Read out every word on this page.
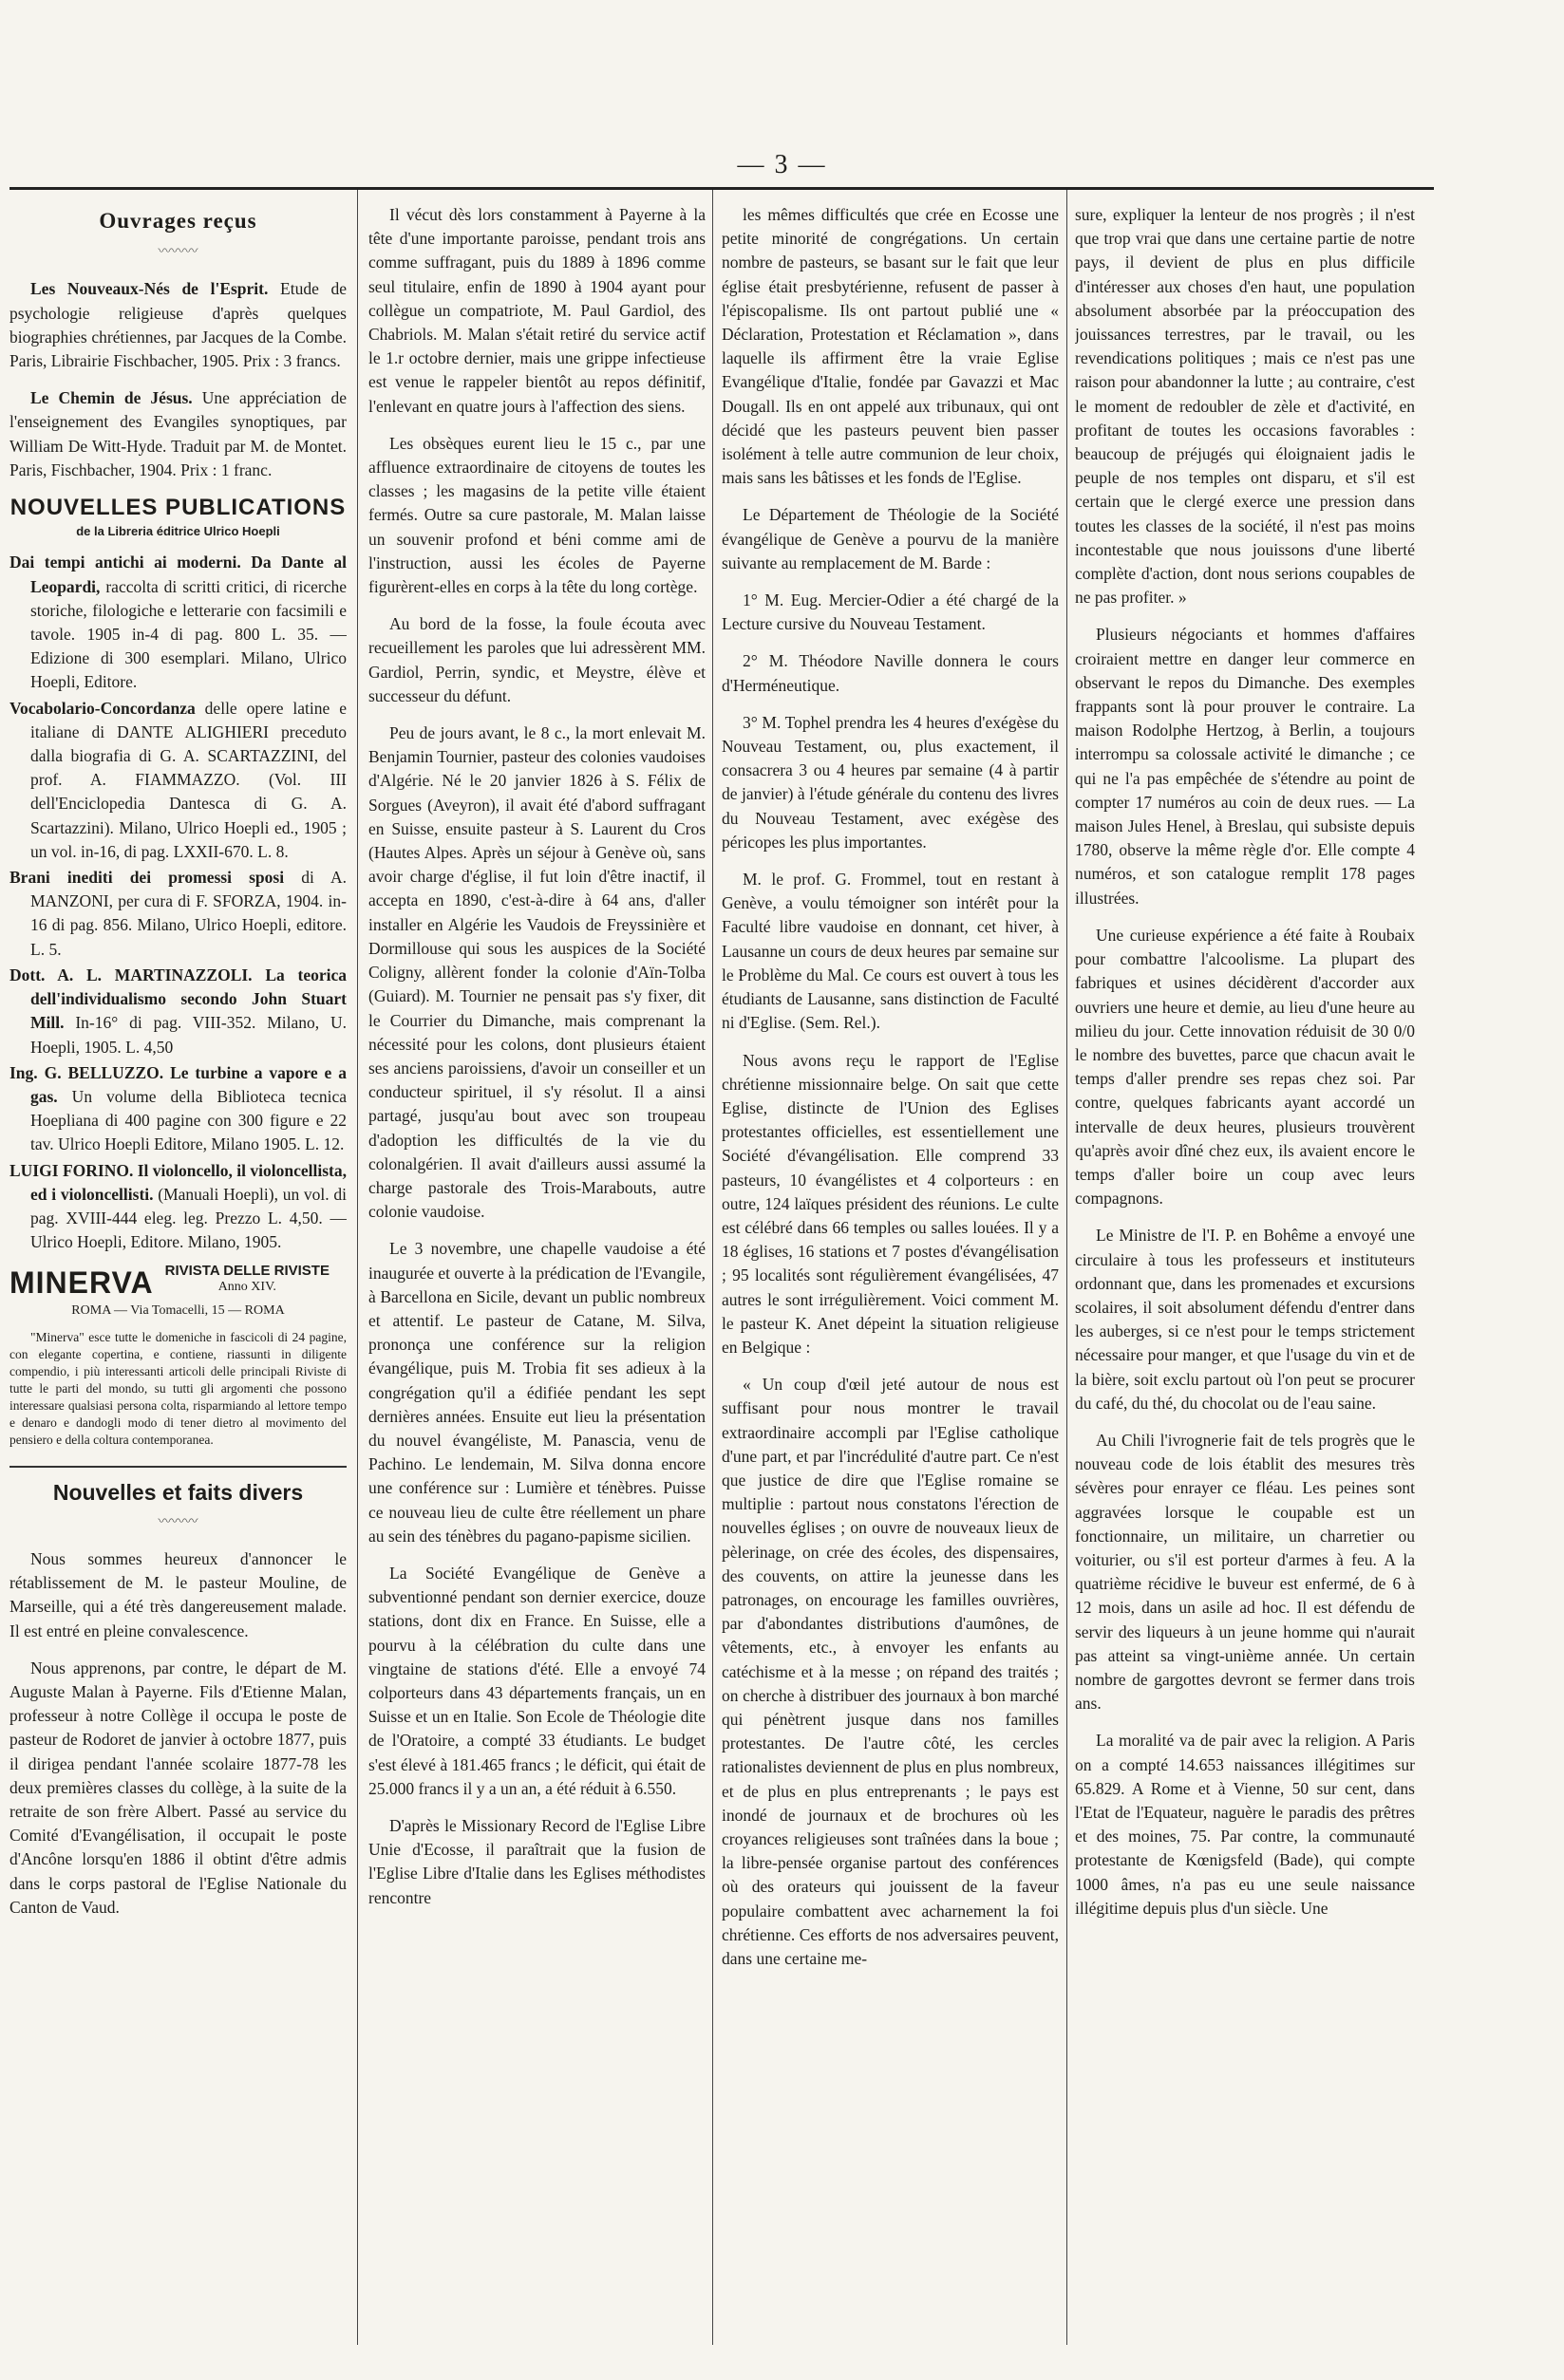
— 3 —
Ouvrages reçus
〰〰〰

Les Nouveaux-Nés de l'Esprit. Etude de psychologie religieuse d'après quelques biographies chrétiennes, par Jacques de la Combe. Paris, Librairie Fischbacher, 1905. Prix : 3 francs.

Le Chemin de Jésus. Une appréciation de l'enseignement des Evangiles synoptiques, par William De Witt-Hyde. Traduit par M. de Montet. Paris, Fischbacher, 1904. Prix : 1 franc.

NOUVELLES PUBLICATIONS
de la Libreria éditrice Ulrico Hoepli

Dai tempi antichi ai moderni. Da Dante al Leopardi, raccolta di scritti critici, di ricerche storiche, filologiche e letterarie con facsimili e tavole. 1905 in-4 di pag. 800 L. 35. — Edizione di 300 esemplari. Milano, Ulrico Hoepli, Editore.

Vocabolario-Concordanza delle opere latine e italiane di DANTE ALIGHIERI preceduto dalla biografia di G. A. SCARTAZZINI, del prof. A. FIAMMAZZO. (Vol. III dell'Enciclopedia Dantesca di G. A. Scartazzini). Milano, Ulrico Hoepli ed., 1905 ; un vol. in-16, di pag. LXXII-670. L. 8.

Brani inediti dei promessi sposi di A. MANZONI, per cura di F. SFORZA, 1904. in-16 di pag. 856. Milano, Ulrico Hoepli, editore. L. 5.

Dott. A. L. MARTINAZZOLI. La teorica dell'individualismo secondo John Stuart Mill. In-16° di pag. VIII-352. Milano, U. Hoepli, 1905. L. 4,50

Ing. G. BELLUZZO. Le turbine a vapore e a gas. Un volume della Biblioteca tecnica Hoepliana di 400 pagine con 300 figure e 22 tav. Ulrico Hoepli Editore, Milano 1905. L. 12.

LUIGI FORINO. Il violoncello, il violoncellista, ed i violoncellisti. (Manuali Hoepli), un vol. di pag. XVIII-444 eleg. leg. Prezzo L. 4,50. — Ulrico Hoepli, Editore. Milano, 1905.

MINERVA RIVISTA DELLE RIVISTE
Anno XIV.
ROMA — Via Tomacelli, 15 — ROMA
"Minerva" esce tutte le domeniche in fascicoli di 24 pagine, con elegante copertina, e contiene, riassunti in diligente compendio, i più interessanti articoli delle principali Riviste di tutte le parti del mondo, su tutti gli argomenti che possono interessare qualsiasi persona colta, risparmiando al lettore tempo e denaro e dandogli modo di tener dietro al movimento del pensiero e della coltura contemporanea.
Nouvelles et faits divers
〰〰〰

Nous sommes heureux d'annoncer le rétablissement de M. le pasteur Mouline, de Marseille, qui a été très dangereusement malade. Il est entré en pleine convalescence.

Nous apprenons, par contre, le départ de M. Auguste Malan à Payerne. Fils d'Etienne Malan, professeur à notre Collège il occupa le poste de pasteur de Rodoret de janvier à octobre 1877, puis il dirigea pendant l'année scolaire 1877-78 les deux premières classes du collège, à la suite de la retraite de son frère Albert. Passé au service du Comité d'Evangélisation, il occupait le poste d'Ancône lorsqu'en 1886 il obtint d'être admis dans le corps pastoral de l'Eglise Nationale du Canton de Vaud.

Il vécut dès lors constamment à Payerne à la tête d'une importante paroisse, pendant trois ans comme suffragant, puis du 1889 à 1896 comme seul titulaire, enfin de 1890 à 1904 ayant pour collègue un compatriote, M. Paul Gardiol, des Chabriols. M. Malan s'était retiré du service actif le 1.r octobre dernier, mais une grippe infectieuse est venue le rappeler bientôt au repos définitif, l'enlevant en quatre jours à l'affection des siens.

Les obsèques eurent lieu le 15 c., par une affluence extraordinaire de citoyens de toutes les classes ; les magasins de la petite ville étaient fermés. Outre sa cure pastorale, M. Malan laisse un souvenir profond et béni comme ami de l'instruction, aussi les écoles de Payerne figurèrent-elles en corps à la tête du long cortège.

Au bord de la fosse, la foule écouta avec recueillement les paroles que lui adressèrent MM. Gardiol, Perrin, syndic, et Meystre, élève et successeur du défunt.

Peu de jours avant, le 8 c., la mort enlevait M. Benjamin Tournier, pasteur des colonies vaudoises d'Algérie. Né le 20 janvier 1826 à S. Félix de Sorgues (Aveyron), il avait été d'abord suffragant en Suisse, ensuite pasteur à S. Laurent du Cros (Hautes Alpes. Après un séjour à Genève où, sans avoir charge d'église, il fut loin d'être inactif, il accepta en 1890, c'est-à-dire à 64 ans, d'aller installer en Algérie les Vaudois de Freyssinière et Dormillouse qui sous les auspices de la Société Coligny, allèrent fonder la colonie d'Aïn-Tolba (Guiard). M. Tournier ne pensait pas s'y fixer, dit le Courrier du Dimanche, mais comprenant la nécessité pour les colons, dont plusieurs étaient ses anciens paroissiens, d'avoir un conseiller et un conducteur spirituel, il s'y résolut. Il a ainsi partagé, jusqu'au bout avec son troupeau d'adoption les difficultés de la vie du colonalgérien. Il avait d'ailleurs aussi assumé la charge pastorale des Trois-Marabouts, autre colonie vaudoise.

Le 3 novembre, une chapelle vaudoise a été inaugurée et ouverte à la prédication de l'Evangile, à Barcellona en Sicile, devant un public nombreux et attentif. Le pasteur de Catane, M. Silva, prononça une conférence sur la religion évangélique, puis M. Trobia fit ses adieux à la congrégation qu'il a édifiée pendant les sept dernières années. Ensuite eut lieu la présentation du nouvel évangéliste, M. Panascia, venu de Pachino. Le lendemain, M. Silva donna encore une conférence sur : Lumière et ténèbres. Puisse ce nouveau lieu de culte être réellement un phare au sein des ténèbres du pagano-papisme sicilien.

La Société Evangélique de Genève a subventionné pendant son dernier exercice, douze stations, dont dix en France. En Suisse, elle a pourvu à la célébration du culte dans une vingtaine de stations d'été. Elle a envoyé 74 colporteurs dans 43 départements français, un en Suisse et un en Italie. Son Ecole de Théologie dite de l'Oratoire, a compté 33 étudiants. Le budget s'est élevé à 181.465 francs ; le déficit, qui était de 25.000 francs il y a un an, a été réduit à 6.550.

D'après le Missionary Record de l'Eglise Libre Unie d'Ecosse, il paraîtrait que la fusion de l'Eglise Libre d'Italie dans les Eglises méthodistes rencontre

les mêmes difficultés que crée en Ecosse une petite minorité de congrégations. Un certain nombre de pasteurs, se basant sur le fait que leur église était presbytérienne, refusent de passer à l'épiscopalisme. Ils ont partout publié une « Déclaration, Protestation et Réclamation », dans laquelle ils affirment être la vraie Eglise Evangélique d'Italie, fondée par Gavazzi et Mac Dougall. Ils en ont appelé aux tribunaux, qui ont décidé que les pasteurs peuvent bien passer isolément à telle autre communion de leur choix, mais sans les bâtisses et les fonds de l'Eglise.

Le Département de Théologie de la Société évangélique de Genève a pourvu de la manière suivante au remplacement de M. Barde :

1° M. Eug. Mercier-Odier a été chargé de la Lecture cursive du Nouveau Testament.

2° M. Théodore Naville donnera le cours d'Herméneutique.

3° M. Tophel prendra les 4 heures d'exégèse du Nouveau Testament, ou, plus exactement, il consacrera 3 ou 4 heures par semaine (4 à partir de janvier) à l'étude générale du contenu des livres du Nouveau Testament, avec exégèse des péricopes les plus importantes.

M. le prof. G. Frommel, tout en restant à Genève, a voulu témoigner son intérêt pour la Faculté libre vaudoise en donnant, cet hiver, à Lausanne un cours de deux heures par semaine sur le Problème du Mal. Ce cours est ouvert à tous les étudiants de Lausanne, sans distinction de Faculté ni d'Eglise. (Sem. Rel.).

Nous avons reçu le rapport de l'Eglise chrétienne missionnaire belge. On sait que cette Eglise, distincte de l'Union des Eglises protestantes officielles, est essentiellement une Société d'évangélisation. Elle comprend 33 pasteurs, 10 évangélistes et 4 colporteurs : en outre, 124 laïques président des réunions. Le culte est célébré dans 66 temples ou salles louées. Il y a 18 églises, 16 stations et 7 postes d'évangélisation ; 95 localités sont régulièrement évangélisées, 47 autres le sont irrégulièrement. Voici comment M. le pasteur K. Anet dépeint la situation religieuse en Belgique :

« Un coup d'œil jeté autour de nous est suffisant pour nous montrer le travail extraordinaire accompli par l'Eglise catholique d'une part, et par l'incrédulité d'autre part. Ce n'est que justice de dire que l'Eglise romaine se multiplie : partout nous constatons l'érection de nouvelles églises ; on ouvre de nouveaux lieux de pèlerinage, on crée des écoles, des dispensaires, des couvents, on attire la jeunesse dans les patronages, on encourage les familles ouvrières, par d'abondantes distributions d'aumônes, de vêtements, etc., à envoyer les enfants au catéchisme et à la messe ; on répand des traités ; on cherche à distribuer des journaux à bon marché qui pénètrent jusque dans nos familles protestantes. De l'autre côté, les cercles rationalistes deviennent de plus en plus nombreux, et de plus en plus entreprenants ; le pays est inondé de journaux et de brochures où les croyances religieuses sont traînées dans la boue ; la libre-pensée organise partout des conférences où des orateurs qui jouissent de la faveur populaire combattent avec acharnement la foi chrétienne. Ces efforts de nos adversaires peuvent, dans une certaine me-

sure, expliquer la lenteur de nos progrès ; il n'est que trop vrai que dans une certaine partie de notre pays, il devient de plus en plus difficile d'intéresser aux choses d'en haut, une population absolument absorbée par la préoccupation des jouissances terrestres, par le travail, ou les revendications politiques ; mais ce n'est pas une raison pour abandonner la lutte ; au contraire, c'est le moment de redoubler de zèle et d'activité, en profitant de toutes les occasions favorables : beaucoup de préjugés qui éloignaient jadis le peuple de nos temples ont disparu, et s'il est certain que le clergé exerce une pression dans toutes les classes de la société, il n'est pas moins incontestable que nous jouissons d'une liberté complète d'action, dont nous serions coupables de ne pas profiter. »

Plusieurs négociants et hommes d'affaires croiraient mettre en danger leur commerce en observant le repos du Dimanche. Des exemples frappants sont là pour prouver le contraire. La maison Rodolphe Hertzog, à Berlin, a toujours interrompu sa colossale activité le dimanche ; ce qui ne l'a pas empêchée de s'étendre au point de compter 17 numéros au coin de deux rues. — La maison Jules Henel, à Breslau, qui subsiste depuis 1780, observe la même règle d'or. Elle compte 4 numéros, et son catalogue remplit 178 pages illustrées.

Une curieuse expérience a été faite à Roubaix pour combattre l'alcoolisme. La plupart des fabriques et usines décidèrent d'accorder aux ouvriers une heure et demie, au lieu d'une heure au milieu du jour. Cette innovation réduisit de 30 0/0 le nombre des buvettes, parce que chacun avait le temps d'aller prendre ses repas chez soi. Par contre, quelques fabricants ayant accordé un intervalle de deux heures, plusieurs trouvèrent qu'après avoir dîné chez eux, ils avaient encore le temps d'aller boire un coup avec leurs compagnons.

Le Ministre de l'I. P. en Bohême a envoyé une circulaire à tous les professeurs et instituteurs ordonnant que, dans les promenades et excursions scolaires, il soit absolument défendu d'entrer dans les auberges, si ce n'est pour le temps strictement nécessaire pour manger, et que l'usage du vin et de la bière, soit exclu partout où l'on peut se procurer du café, du thé, du chocolat ou de l'eau saine.

Au Chili l'ivrognerie fait de tels progrès que le nouveau code de lois établit des mesures très sévères pour enrayer ce fléau. Les peines sont aggravées lorsque le coupable est un fonctionnaire, un militaire, un charretier ou voiturier, ou s'il est porteur d'armes à feu. A la quatrième récidive le buveur est enfermé, de 6 à 12 mois, dans un asile ad hoc. Il est défendu de servir des liqueurs à un jeune homme qui n'aurait pas atteint sa vingt-unième année. Un certain nombre de gargottes devront se fermer dans trois ans.

La moralité va de pair avec la religion. A Paris on a compté 14.653 naissances illégitimes sur 65.829. A Rome et à Vienne, 50 sur cent, dans l'Etat de l'Equateur, naguère le paradis des prêtres et des moines, 75. Par contre, la communauté protestante de Kœnigsfeld (Bade), qui compte 1000 âmes, n'a pas eu une seule naissance illégitime depuis plus d'un siècle. Une
